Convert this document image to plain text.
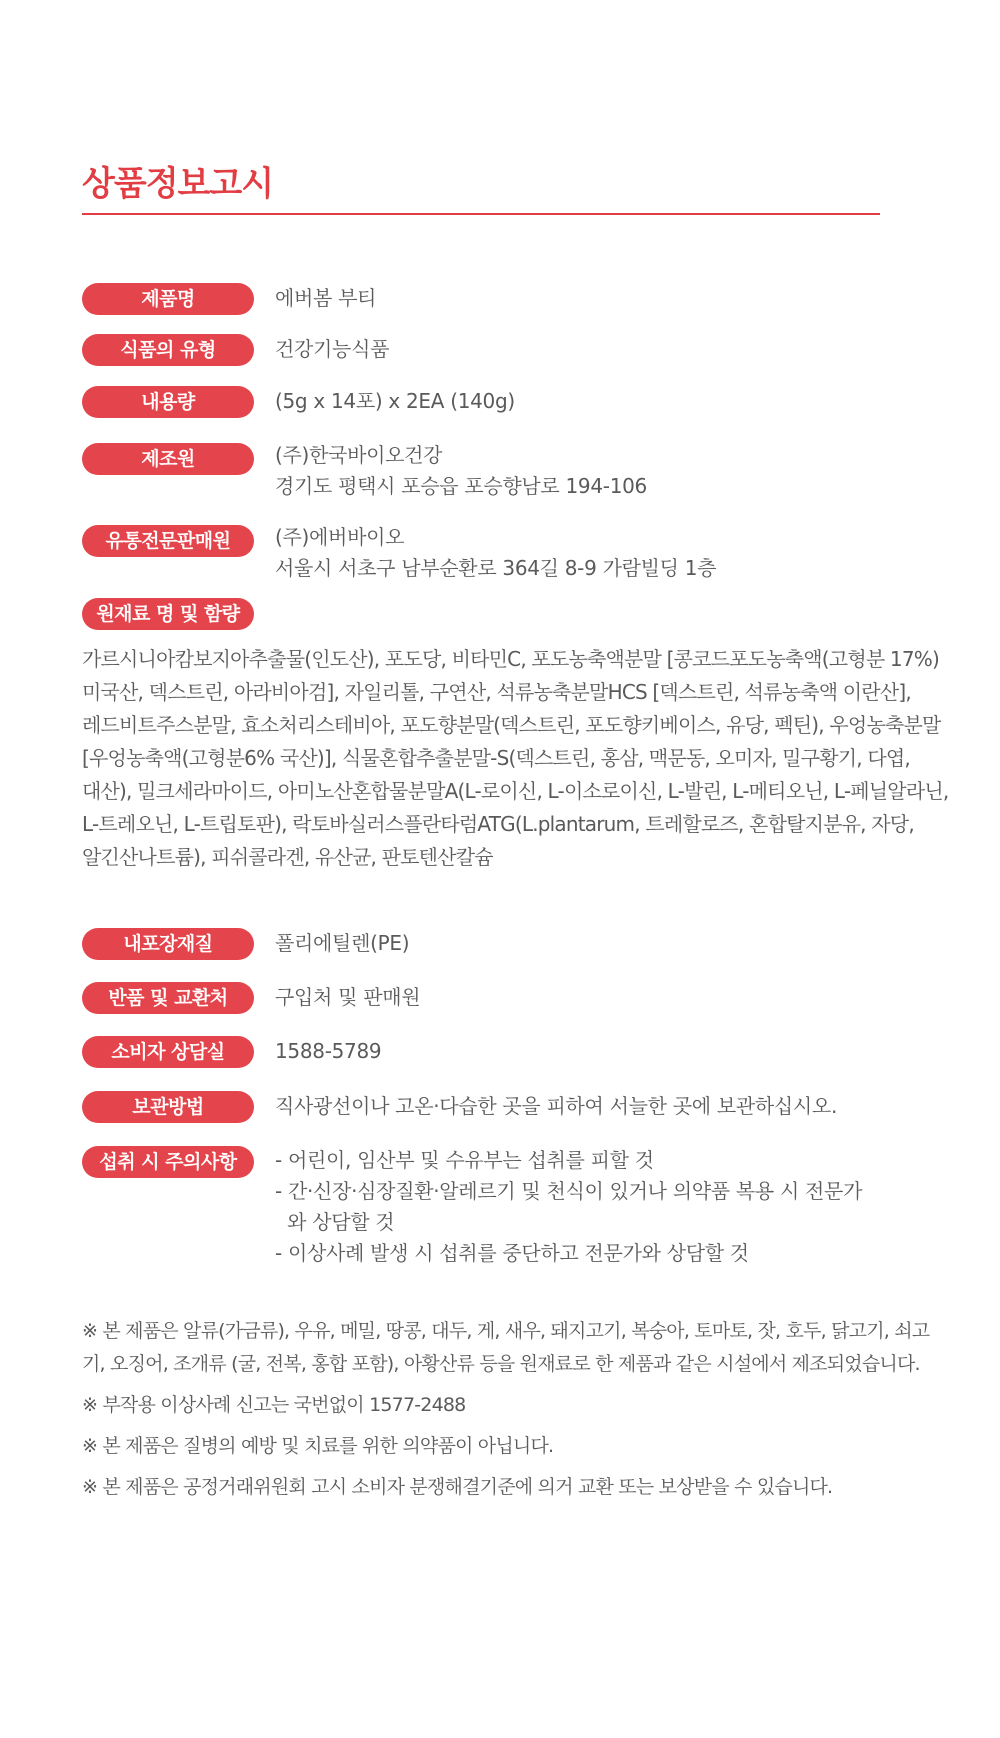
상품정보고시
제품명	에버봄 부티
식품의 유형	건강기능식품
내용량	(5g x 14포) x 2EA (140g)
제조원	(주)한국바이오건강
경기도 평택시 포승읍 포승향남로 194-106
유통전문판매원	(주)에버바이오
서울시 서초구 남부순환로 364길 8-9 가람빌딩 1층
원재료 명 및 함량
가르시니아캄보지아추출물(인도산), 포도당, 비타민C, 포도농축액분말 [콩코드포도농축액(고형분 17%)
미국산, 덱스트린, 아라비아검], 자일리톨, 구연산, 석류농축분말HCS [덱스트린, 석류농축액 이란산],
레드비트주스분말, 효소처리스테비아, 포도향분말(덱스트린, 포도향키베이스, 유당, 펙틴), 우엉농축분말
[우엉농축액(고형분6% 국산)], 식물혼합추출분말-S(덱스트린, 홍삼, 맥문동, 오미자, 밀구황기, 다엽,
대산), 밀크세라마이드, 아미노산혼합물분말A(L-로이신, L-이소로이신, L-발린, L-메티오닌, L-페닐알라닌,
L-트레오닌, L-트립토판), 락토바실러스플란타럼ATG(L.plantarum, 트레할로즈, 혼합탈지분유, 자당,
알긴산나트륨), 피쉬콜라겐, 유산균, 판토텐산칼슘
내포장재질	폴리에틸렌(PE)
반품 및 교환처	구입처 및 판매원
소비자 상담실	1588-5789
보관방법	직사광선이나 고온·다습한 곳을 피하여 서늘한 곳에 보관하십시오.
섭취 시 주의사항	- 어린이, 임산부 및 수유부는 섭취를 피할 것
- 간·신장·심장질환·알레르기 및 천식이 있거나 의약품 복용 시 전문가
와 상담할 것
- 이상사례 발생 시 섭취를 중단하고 전문가와 상담할 것
※ 본 제품은 알류(가금류), 우유, 메밀, 땅콩, 대두, 게, 새우, 돼지고기, 복숭아, 토마토, 잣, 호두, 닭고기, 쇠고
기, 오징어, 조개류 (굴, 전복, 홍합 포함), 아황산류 등을 원재료로 한 제품과 같은 시설에서 제조되었습니다.
※ 부작용 이상사례 신고는 국번없이 1577-2488
※ 본 제품은 질병의 예방 및 치료를 위한 의약품이 아닙니다.
※ 본 제품은 공정거래위원회 고시 소비자 분쟁해결기준에 의거 교환 또는 보상받을 수 있습니다.
